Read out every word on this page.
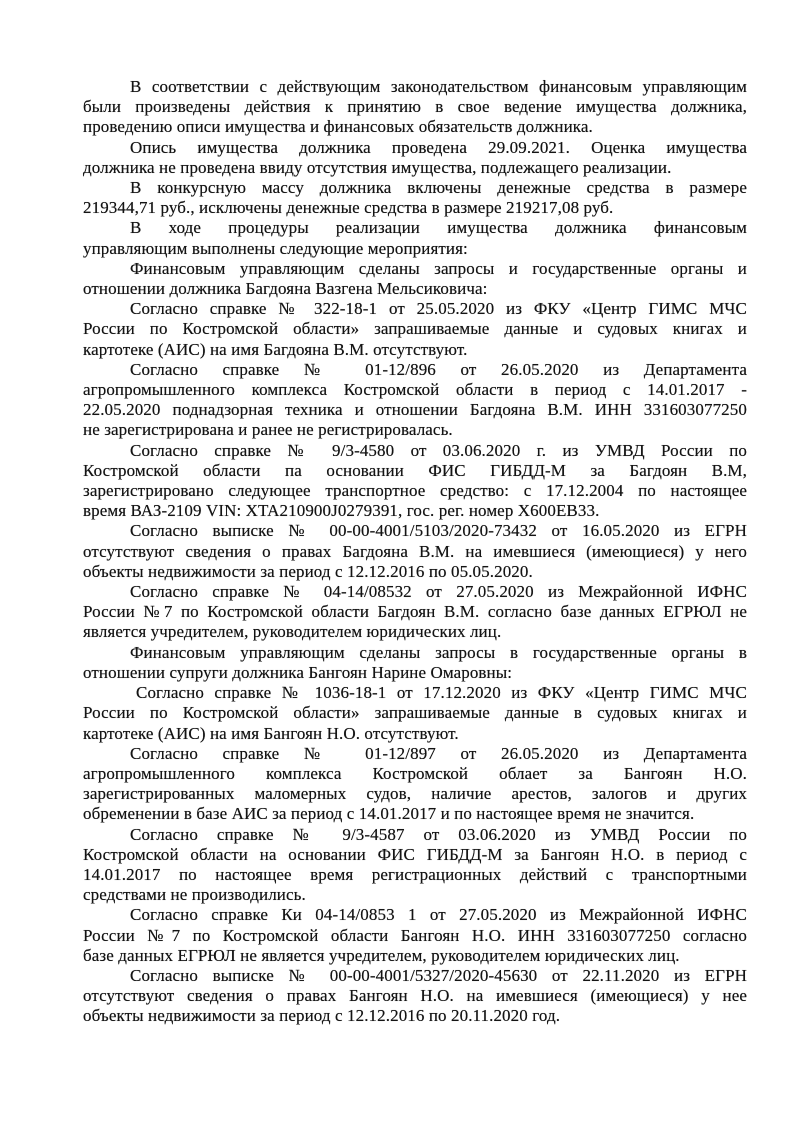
В соответствии с действующим законодательством финансовым управляющим
были произведены действия к принятию в свое ведение имущества должника,
проведению описи имущества и финансовых обязательств должника.
Опись имущества должника проведена 29.09.2021. Оценка имущества
должника не проведена ввиду отсутствия имущества, подлежащего реализации.
В конкурсную массу должника включены денежные средства в размере
219344,71 руб., исключены денежные средства в размере 219217,08 руб.
В ходе процедуры реализации имущества должника финансовым
управляющим выполнены следующие мероприятия:
Финансовым управляющим сделаны запросы и государственные органы и
отношении должника Багдояна Вазгена Мельсиковича:
Согласно справке № 322-18-1 от 25.05.2020 из ФКУ «Центр ГИМС МЧС
России по Костромской области» запрашиваемые данные и судовых книгах и
картотеке (АИС) на имя Багдояна В.М. отсутствуют.
Согласно справке № 01-12/896 от 26.05.2020 из Департамента
агропромышленного комплекса Костромской области в период с 14.01.2017 -
22.05.2020 поднадзорная техника и отношении Багдояна В.М. ИНН 331603077250
не зарегистрирована и ранее не регистрировалась.
Согласно справке № 9/3-4580 от 03.06.2020 г. из УМВД России по
Костромской области па основании ФИС ГИБДД-М за Багдоян В.М,
зарегистрировано следующее транспортное средство: с 17.12.2004 по настоящее
время ВАЗ-2109 VIN: XTA210900J0279391, гос. рег. номер X600EB33.
Согласно выписке № 00-00-4001/5103/2020-73432 от 16.05.2020 из ЕГРН
отсутствуют сведения о правах Багдояна В.М. на имевшиеся (имеющиеся) у него
объекты недвижимости за период с 12.12.2016 по 05.05.2020.
Согласно справке № 04-14/08532 от 27.05.2020 из Межрайонной ИФНС
России №7 по Костромской области Багдоян В.М. согласно базе данных ЕГРЮЛ не
является учредителем, руководителем юридических лиц.
Финансовым управляющим сделаны запросы в государственные органы в
отношении супруги должника Бангоян Нарине Омаровны:
Согласно справке № 1036-18-1 от 17.12.2020 из ФКУ «Центр ГИМС МЧС
России по Костромской области» запрашиваемые данные в судовых книгах и
картотеке (АИС) на имя Бангоян Н.О. отсутствуют.
Согласно справке № 01-12/897 от 26.05.2020 из Департамента
агропромышленного комплекса Костромской облает за Бангоян Н.О.
зарегистрированных маломерных судов, наличие арестов, залогов и других
обременении в базе АИС за период с 14.01.2017 и по настоящее время не значится.
Согласно справке № 9/3-4587 от 03.06.2020 из УМВД России по
Костромской области на основании ФИС ГИБДД-М за Бангоян Н.О. в период с
14.01.2017 по настоящее время регистрационных действий с транспортными
средствами не производились.
Согласно справке Ки 04-14/0853 1 от 27.05.2020 из Межрайонной ИФНС
России №7 по Костромской области Бангоян Н.О. ИНН 331603077250 согласно
базе данных ЕГРЮЛ не является учредителем, руководителем юридических лиц.
Согласно выписке № 00-00-4001/5327/2020-45630 от 22.11.2020 из ЕГРН
отсутствуют сведения о правах Бангоян Н.О. на имевшиеся (имеющиеся) у нее
объекты недвижимости за период с 12.12.2016 по 20.11.2020 год.
